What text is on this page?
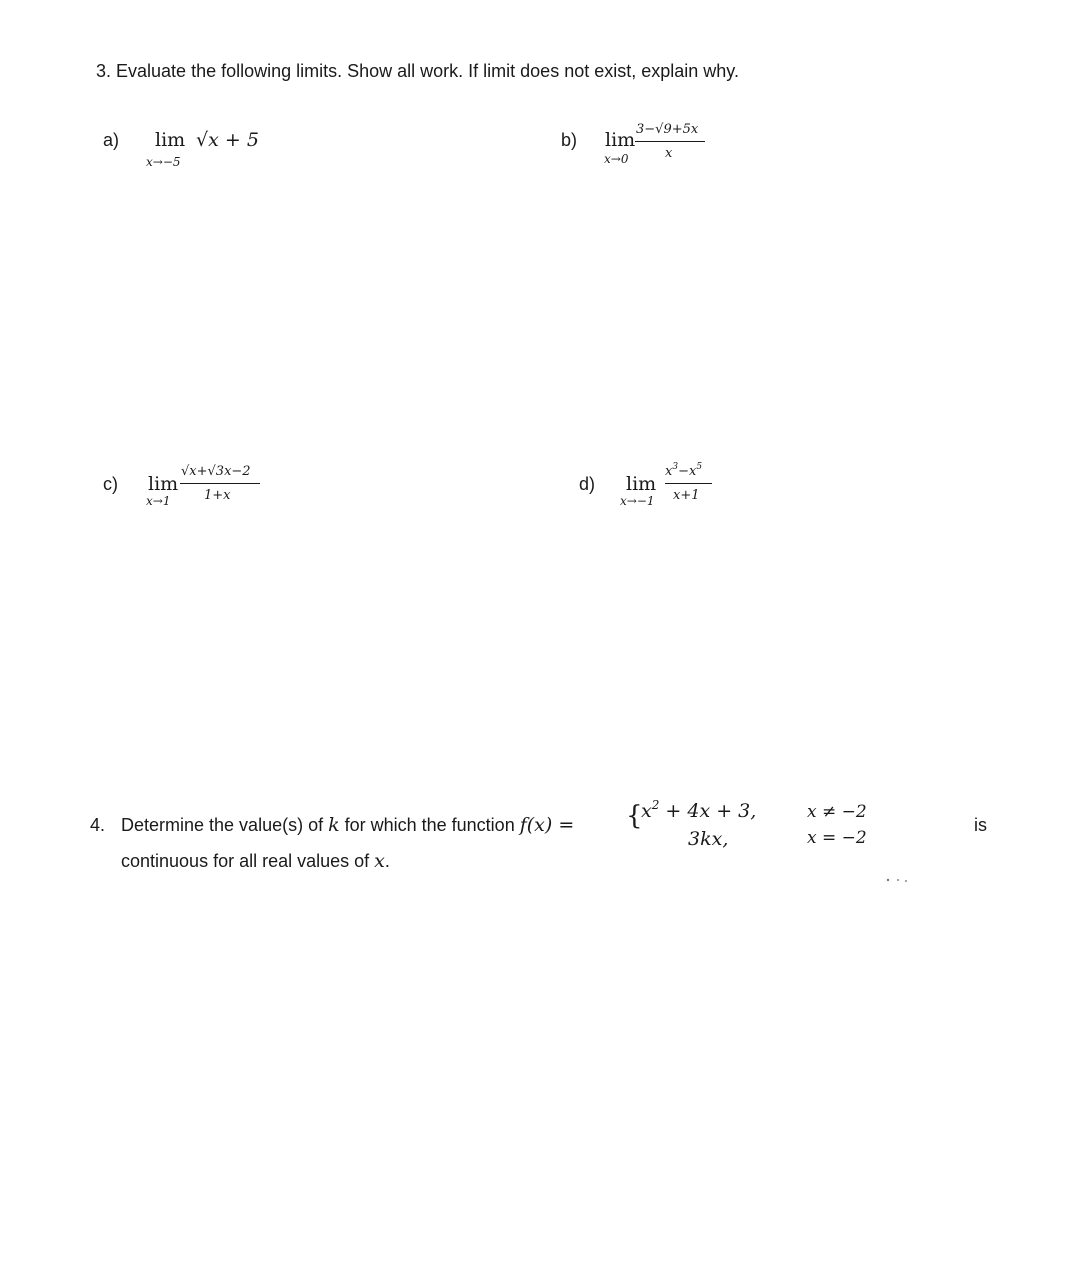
3. Evaluate the following limits. Show all work. If limit does not exist, explain why.
a) lim
x→−5
√x + 5	b) lim
x→0
3−√9+5x
x
c) lim
x→1
√x+√3x−2
1+x
d) lim
x→−1
$x^3-x^5$
x+1
4. Determine the value(s) of k for which the function f(x) = {
$x^2 + 4x + 3$,
3kx,
x ≠ −2
x = −2
is
continuous for all real values of x.
